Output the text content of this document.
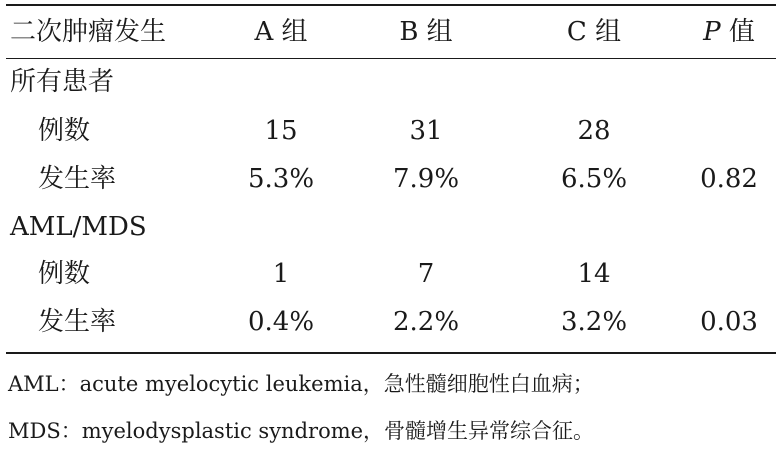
二次肿瘤发生	A 组	B 组	C 组	P 值
所有患者
例数	15	31	28
发生率	5.3%	7.9%	6.5%	0.82
AML/MDS
例数	1	7	14
发生率	0.4%	2.2%	3.2%	0.03
AML：acute myelocytic leukemia，急性髓细胞性白血病；
MDS：myelodysplastic syndrome，骨髓增生异常综合征。
